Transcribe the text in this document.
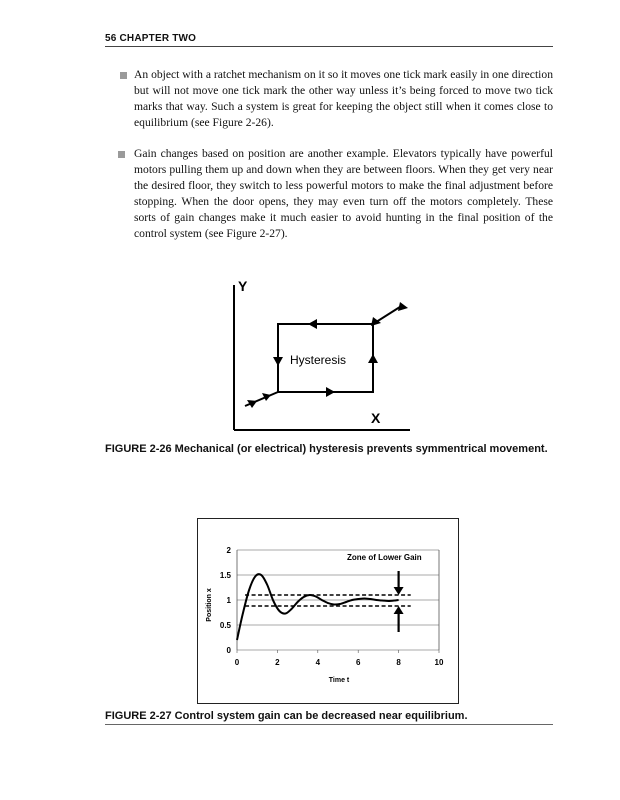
56 CHAPTER TWO
An object with a ratchet mechanism on it so it moves one tick mark easily in one direction but will not move one tick mark the other way unless it’s being forced to move two tick marks that way. Such a system is great for keeping the object still when it comes close to equilibrium (see Figure 2-26).
Gain changes based on position are another example. Elevators typically have powerful motors pulling them up and down when they are between floors. When they get very near the desired floor, they switch to less powerful motors to make the final adjustment before stopping. When the door opens, they may even turn off the motors completely. These sorts of gain changes make it much easier to avoid hunting in the final position of the control system (see Figure 2-27).
Y
X
Hysteresis
FIGURE 2-26 Mechanical (or electrical) hysteresis prevents symmentrical movement.
0
0.5
1
1.5
2
0	2	4	6	8	10
Zone of Lower Gain
Time t
Position x
FIGURE 2-27 Control system gain can be decreased near equilibrium.
